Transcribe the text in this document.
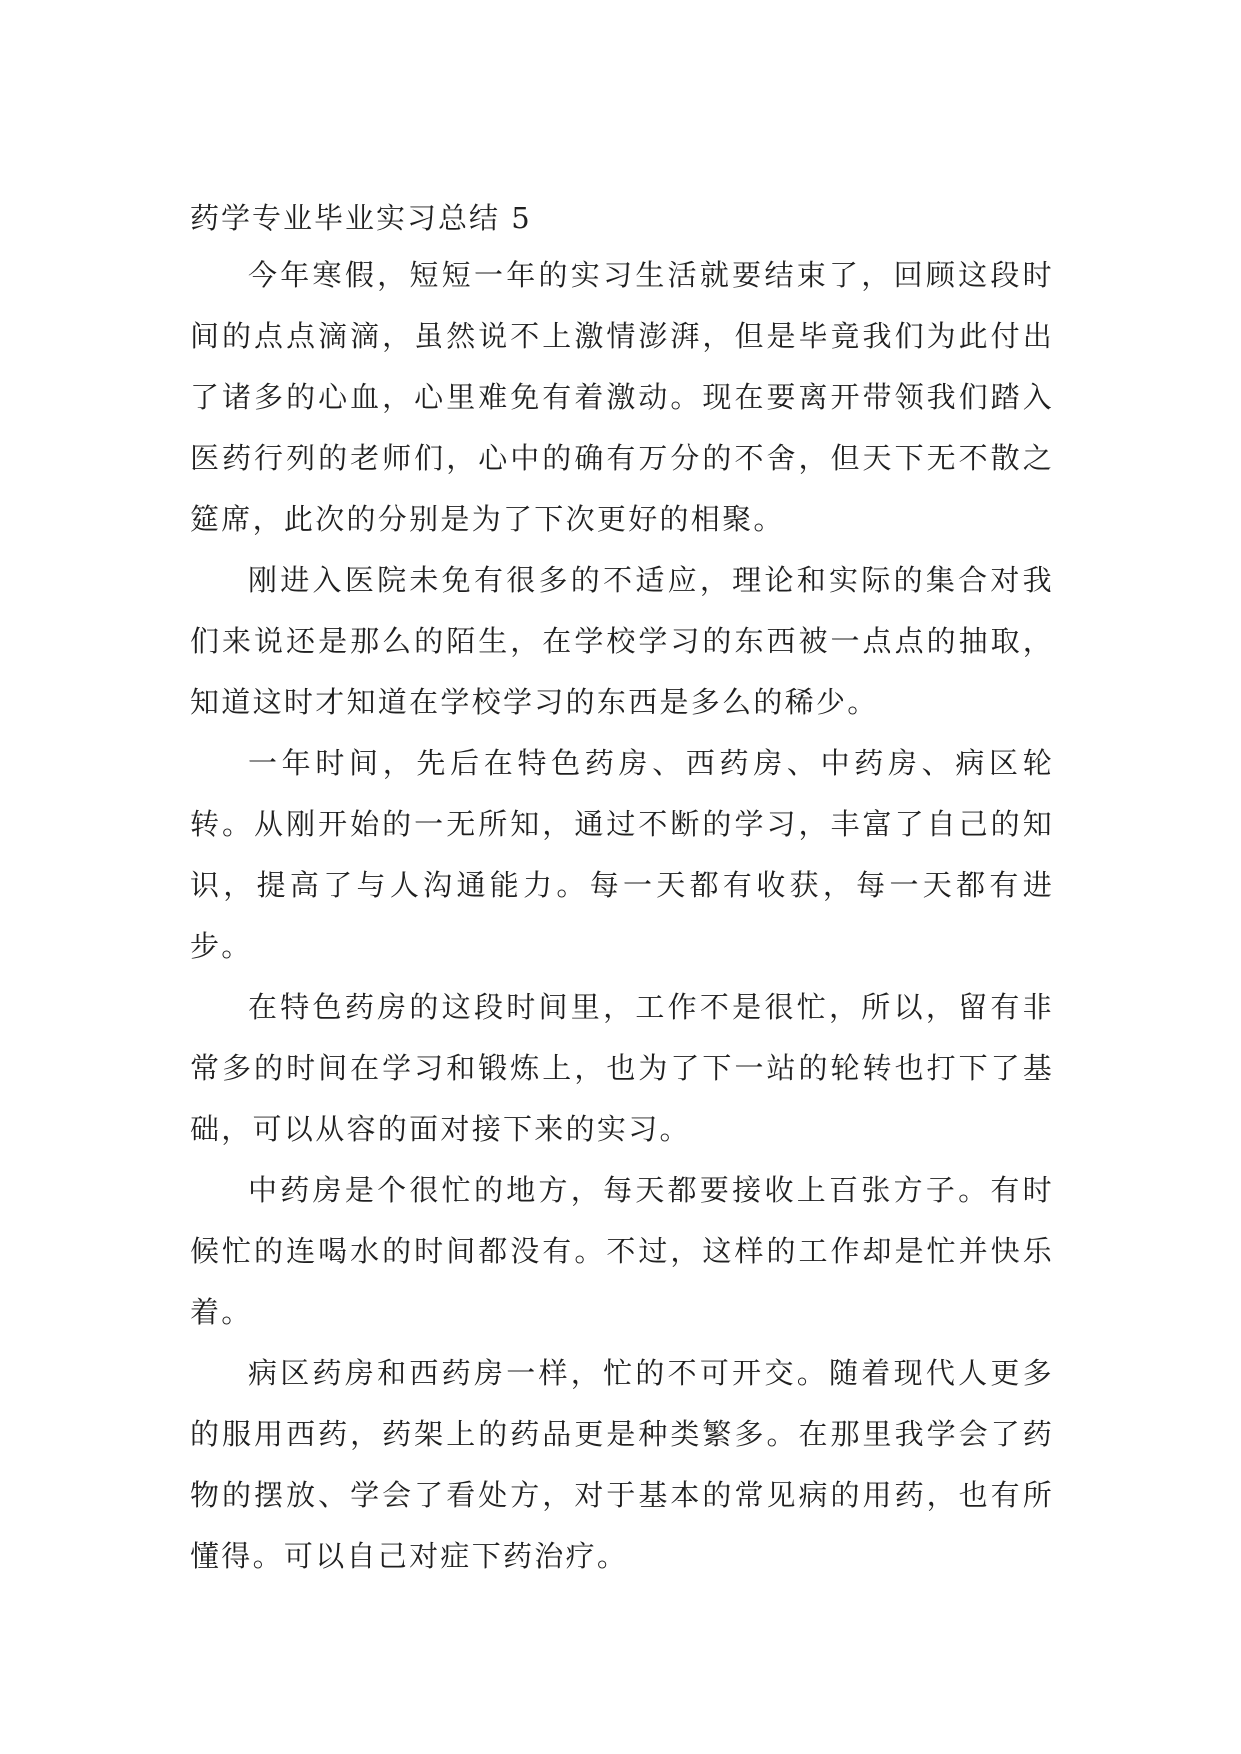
药学专业毕业实习总结 5

今年寒假，短短一年的实习生活就要结束了，回顾这段时间的点点滴滴，虽然说不上激情澎湃，但是毕竟我们为此付出了诸多的心血，心里难免有着激动。现在要离开带领我们踏入医药行列的老师们，心中的确有万分的不舍，但天下无不散之筵席，此次的分别是为了下次更好的相聚。

刚进入医院未免有很多的不适应，理论和实际的集合对我们来说还是那么的陌生，在学校学习的东西被一点点的抽取，知道这时才知道在学校学习的东西是多么的稀少。

一年时间，先后在特色药房、西药房、中药房、病区轮转。从刚开始的一无所知，通过不断的学习，丰富了自己的知识，提高了与人沟通能力。每一天都有收获，每一天都有进步。

在特色药房的这段时间里，工作不是很忙，所以，留有非常多的时间在学习和锻炼上，也为了下一站的轮转也打下了基础，可以从容的面对接下来的实习。

中药房是个很忙的地方，每天都要接收上百张方子。有时候忙的连喝水的时间都没有。不过，这样的工作却是忙并快乐着。

病区药房和西药房一样，忙的不可开交。随着现代人更多的服用西药，药架上的药品更是种类繁多。在那里我学会了药物的摆放、学会了看处方，对于基本的常见病的用药，也有所懂得。可以自己对症下药治疗。
